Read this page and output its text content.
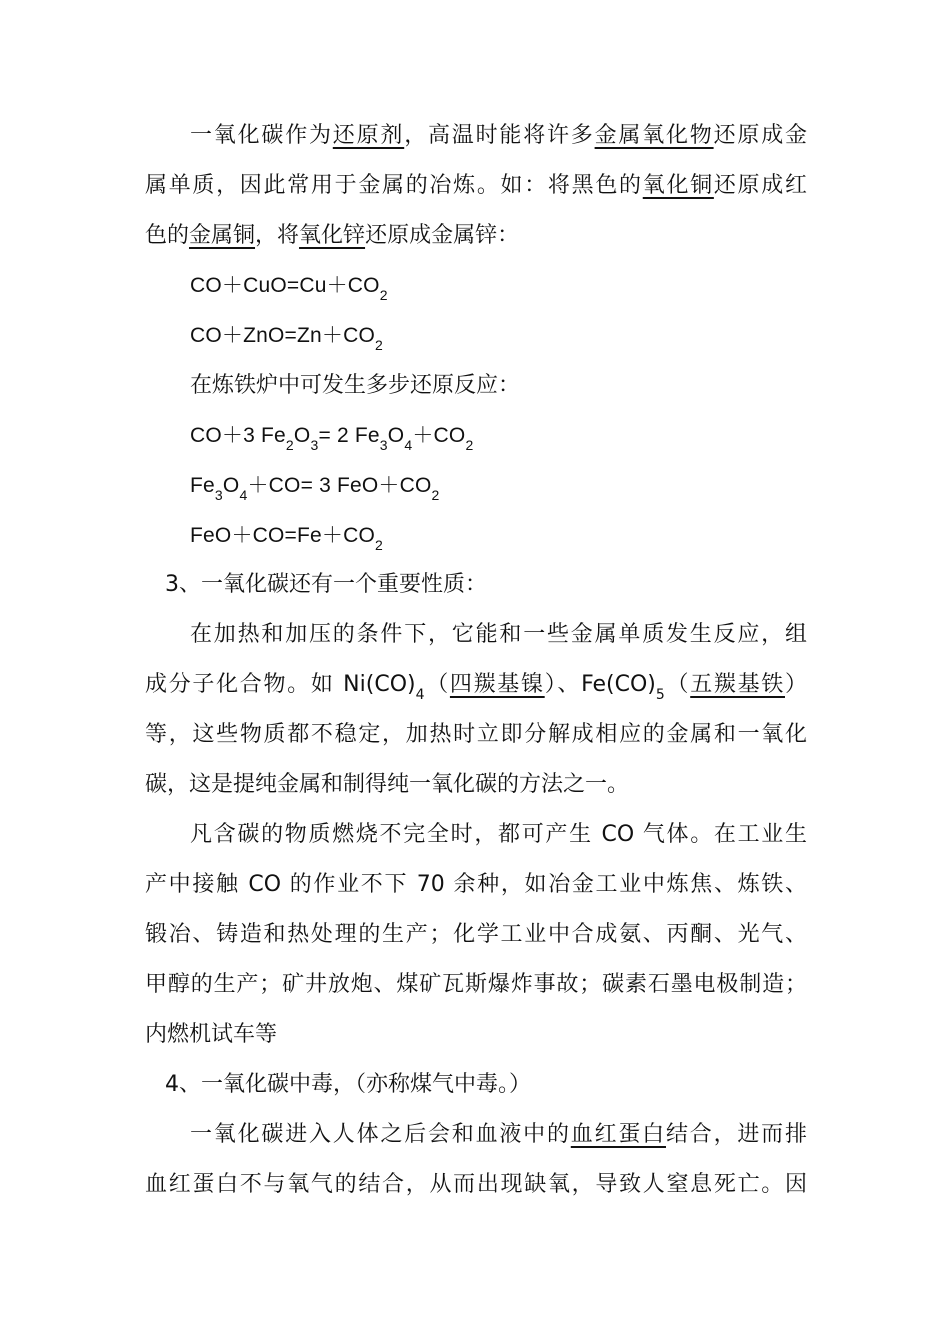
一氧化碳作为还原剂，高温时能将许多金属氧化物还原成金
属单质，因此常用于金属的冶炼。如：将黑色的氧化铜还原成红
色的金属铜，将氧化锌还原成金属锌：
$CO+CuO=Cu+CO_2$
$CO+ZnO=Zn+CO_2$
在炼铁炉中可发生多步还原反应：
CO＋3 $Fe_2O_3= 2$ $Fe_3O_4+CO_2$
$Fe_3O_4+CO= 3$ $FeO+CO_2$
$FeO+CO=Fe+CO_2$
3、一氧化碳还有一个重要性质：
在加热和加压的条件下，它能和一些金属单质发生反应，组
成分子化合物。如 $Ni(CO)_4$（四羰基镍）、$Fe(CO)_5$（五羰基铁）
等，这些物质都不稳定，加热时立即分解成相应的金属和一氧化
碳，这是提纯金属和制得纯一氧化碳的方法之一。
凡含碳的物质燃烧不完全时，都可产生 CO 气体。在工业生
产中接触 CO 的作业不下 70 余种，如冶金工业中炼焦、炼铁、
锻冶、铸造和热处理的生产；化学工业中合成氨、丙酮、光气、
甲醇的生产；矿井放炮、煤矿瓦斯爆炸事故；碳素石墨电极制造；
内燃机试车等
4、一氧化碳中毒，（亦称煤气中毒。）
一氧化碳进入人体之后会和血液中的血红蛋白结合，进而排
血红蛋白不与氧气的结合，从而出现缺氧，导致人窒息死亡。因
